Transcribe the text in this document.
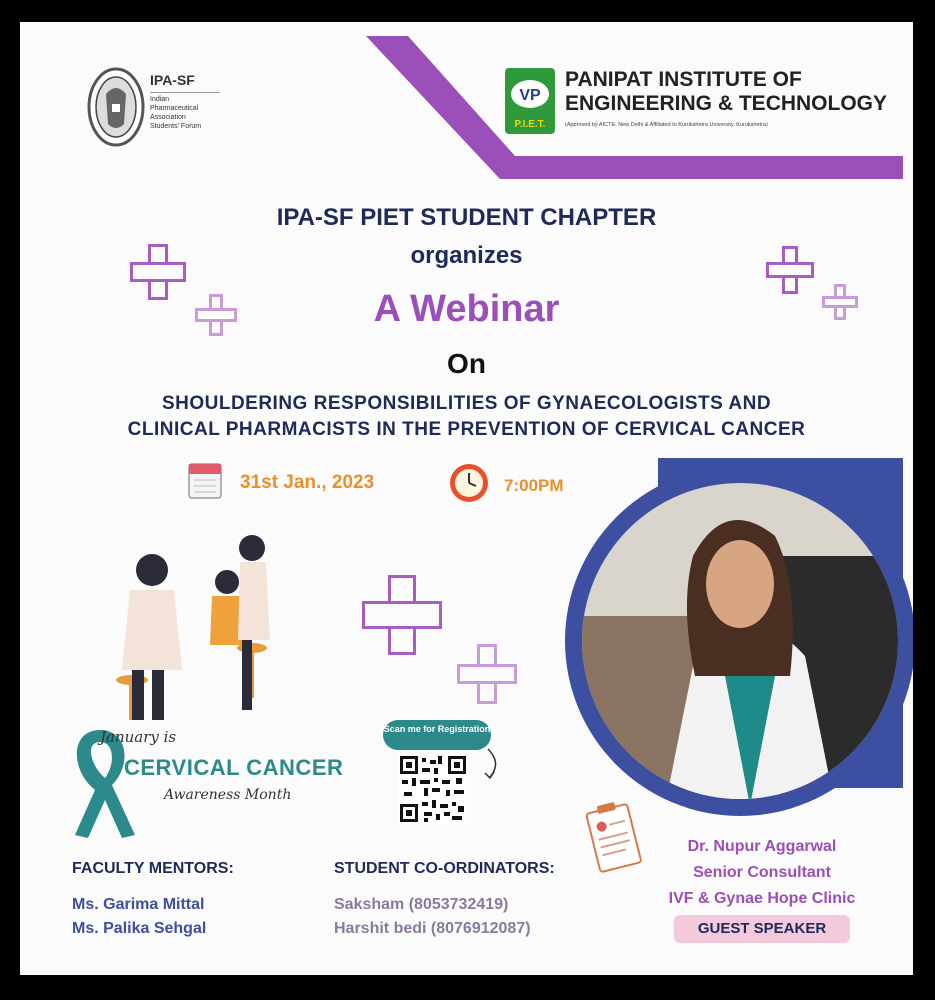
IPA-SF
Indian
Pharmaceutical
Association
Students' Forum
VP
P.I.E.T.
PANIPAT INSTITUTE OF
ENGINEERING & TECHNOLOGY
(Approved by AICTE, New Delhi & Affiliated to Kurukshetra University, Kurukshetra)
IPA-SF PIET STUDENT CHAPTER
organizes
A Webinar
On
SHOULDERING RESPONSIBILITIES OF GYNAECOLOGISTS AND
CLINICAL PHARMACISTS IN THE PREVENTION OF CERVICAL CANCER
31st Jan., 2023	7:00PM
January is
CERVICAL CANCER
Awareness Month
Scan me for Registration
FACULTY MENTORS:
Ms. Garima Mittal
Ms. Palika Sehgal
STUDENT CO-ORDINATORS:
Saksham (8053732419)
Harshit bedi (8076912087)
Dr. Nupur Aggarwal
Senior Consultant
IVF & Gynae Hope Clinic
GUEST SPEAKER
